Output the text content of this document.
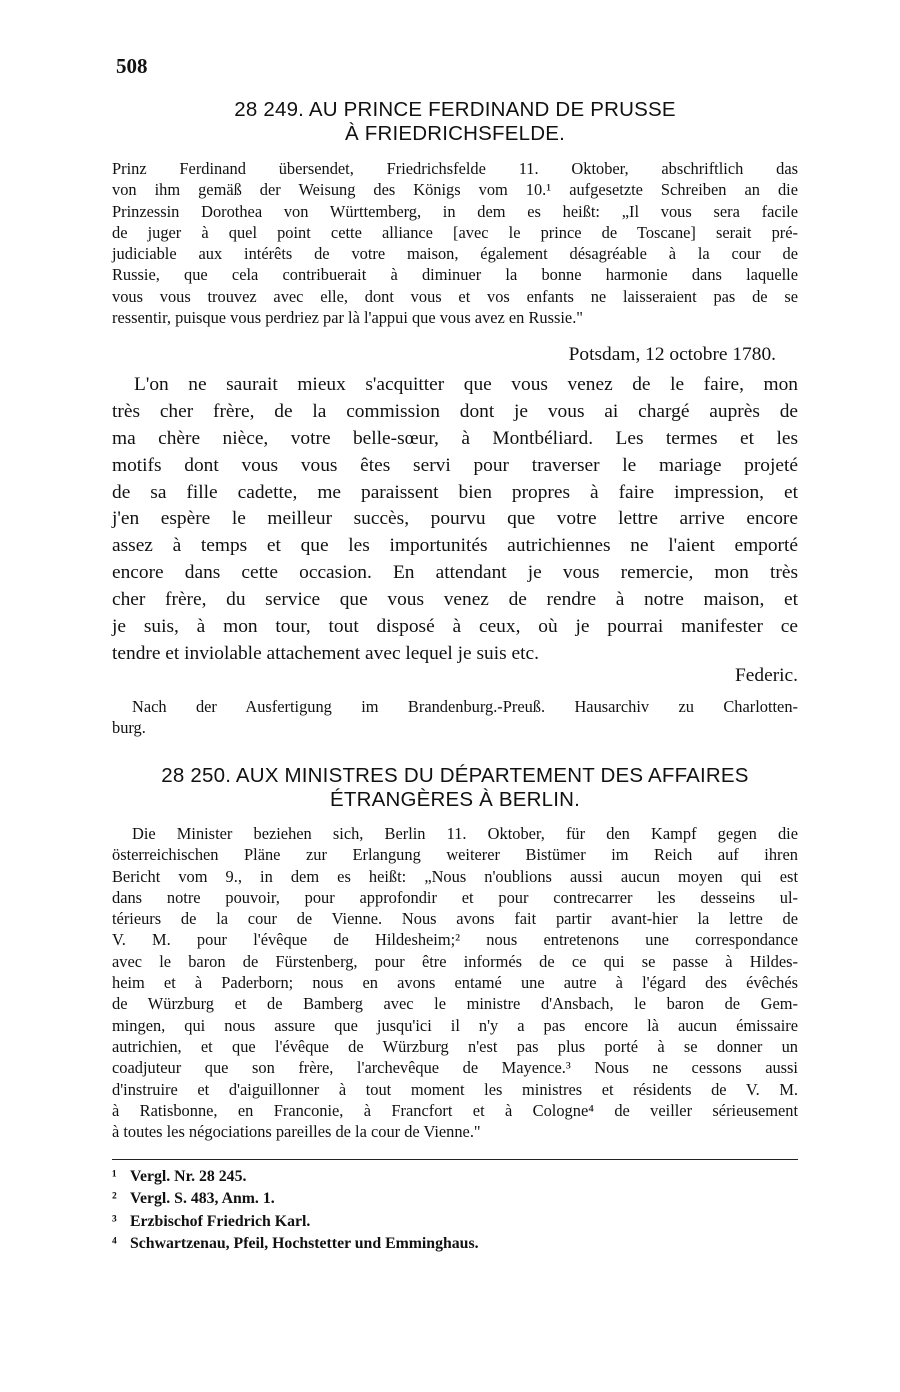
508
28 249. AU PRINCE FERDINAND DE PRUSSE
À FRIEDRICHSFELDE.
Prinz Ferdinand übersendet, Friedrichsfelde 11. Oktober, abschriftlich das
von ihm gemäß der Weisung des Königs vom 10.¹ aufgesetzte Schreiben an die
Prinzessin Dorothea von Württemberg, in dem es heißt: „Il vous sera facile
de juger à quel point cette alliance [avec le prince de Toscane] serait pré-
judiciable aux intérêts de votre maison, également désagréable à la cour de
Russie, que cela contribuerait à diminuer la bonne harmonie dans laquelle
vous vous trouvez avec elle, dont vous et vos enfants ne laisseraient pas de se
ressentir, puisque vous perdriez par là l'appui que vous avez en Russie."
Potsdam, 12 octobre 1780.
L'on ne saurait mieux s'acquitter que vous venez de le faire, mon
très cher frère, de la commission dont je vous ai chargé auprès de
ma chère nièce, votre belle-sœur, à Montbéliard. Les termes et les
motifs dont vous vous êtes servi pour traverser le mariage projeté
de sa fille cadette, me paraissent bien propres à faire impression, et
j'en espère le meilleur succès, pourvu que votre lettre arrive encore
assez à temps et que les importunités autrichiennes ne l'aient emporté
encore dans cette occasion. En attendant je vous remercie, mon très
cher frère, du service que vous venez de rendre à notre maison, et
je suis, à mon tour, tout disposé à ceux, où je pourrai manifester ce
tendre et inviolable attachement avec lequel je suis etc.
Federic.
Nach der Ausfertigung im Brandenburg.-Preuß. Hausarchiv zu Charlotten-
burg.
28 250. AUX MINISTRES DU DÉPARTEMENT DES AFFAIRES
ÉTRANGÈRES À BERLIN.
Die Minister beziehen sich, Berlin 11. Oktober, für den Kampf gegen die
österreichischen Pläne zur Erlangung weiterer Bistümer im Reich auf ihren
Bericht vom 9., in dem es heißt: „Nous n'oublions aussi aucun moyen qui est
dans notre pouvoir, pour approfondir et pour contrecarrer les desseins ul-
térieurs de la cour de Vienne. Nous avons fait partir avant-hier la lettre de
V. M. pour l'évêque de Hildesheim;² nous entretenons une correspondance
avec le baron de Fürstenberg, pour être informés de ce qui se passe à Hildes-
heim et à Paderborn; nous en avons entamé une autre à l'égard des évêchés
de Würzburg et de Bamberg avec le ministre d'Ansbach, le baron de Gem-
mingen, qui nous assure que jusqu'ici il n'y a pas encore là aucun émissaire
autrichien, et que l'évêque de Würzburg n'est pas plus porté à se donner un
coadjuteur que son frère, l'archevêque de Mayence.³ Nous ne cessons aussi
d'instruire et d'aiguillonner à tout moment les ministres et résidents de V. M.
à Ratisbonne, en Franconie, à Francfort et à Cologne⁴ de veiller sérieusement
à toutes les négociations pareilles de la cour de Vienne."
¹ Vergl. Nr. 28 245.
² Vergl. S. 483, Anm. 1.
³ Erzbischof Friedrich Karl.
⁴ Schwartzenau, Pfeil, Hochstetter und Emminghaus.
